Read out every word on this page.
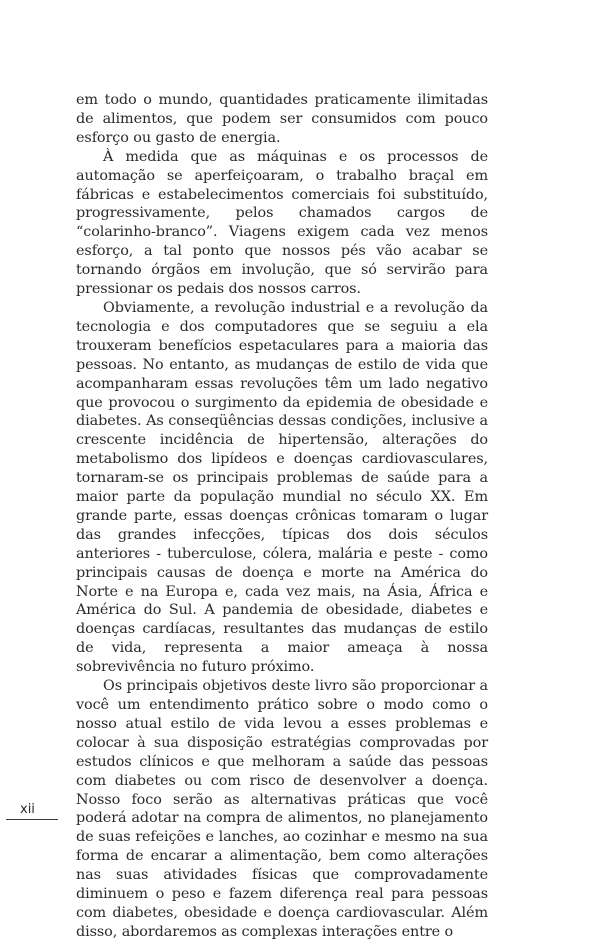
em todo o mundo, quantidades praticamente ilimitadas de alimentos, que podem ser consumidos com pouco esforço ou gasto de energia.

À medida que as máquinas e os processos de automação se aperfeiçoaram, o trabalho braçal em fábricas e estabelecimentos comerciais foi substituído, progressivamente, pelos chamados cargos de “colarinho-branco”. Viagens exigem cada vez menos esforço, a tal ponto que nossos pés vão acabar se tornando órgãos em involução, que só servirão para pressionar os pedais dos nossos carros.

Obviamente, a revolução industrial e a revolução da tecnologia e dos computadores que se seguiu a ela trouxeram benefícios espetaculares para a maioria das pessoas. No entanto, as mudanças de estilo de vida que acompanharam essas revoluções têm um lado negativo que provocou o surgimento da epidemia de obesidade e diabetes. As conseqüências dessas condições, inclusive a crescente incidência de hipertensão, alterações do metabolismo dos lipídeos e doenças cardiovasculares, tornaram-se os principais problemas de saúde para a maior parte da população mundial no século XX. Em grande parte, essas doenças crônicas tomaram o lugar das grandes infecções, típicas dos dois séculos anteriores - tuberculose, cólera, malária e peste - como principais causas de doença e morte na América do Norte e na Europa e, cada vez mais, na Ásia, África e América do Sul. A pandemia de obesidade, diabetes e doenças cardíacas, resultantes das mudanças de estilo de vida, representa a maior ameaça à nossa sobrevivência no futuro próximo.

Os principais objetivos deste livro são proporcionar a você um entendimento prático sobre o modo como o nosso atual estilo de vida levou a esses problemas e colocar à sua disposição estratégias comprovadas por estudos clínicos e que melhoram a saúde das pessoas com diabetes ou com risco de desenvolver a doença. Nosso foco serão as alternativas práticas que você poderá adotar na compra de alimentos, no planejamento de suas refeições e lanches, ao cozinhar e mesmo na sua forma de encarar a alimentação, bem como alterações nas suas atividades físicas que comprovadamente diminuem o peso e fazem diferença real para pessoas com diabetes, obesidade e doença cardiovascular. Além disso, abordaremos as complexas interações entre o

xii
